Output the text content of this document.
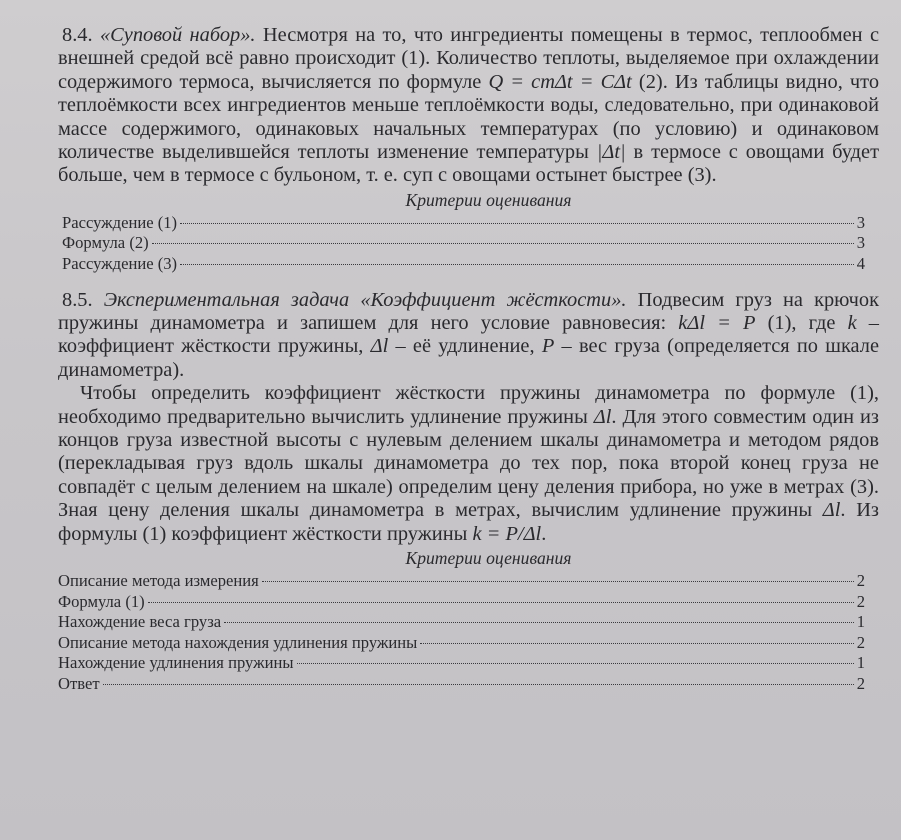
8.4. «Суповой набор». Несмотря на то, что ингредиенты помещены в термос, теплообмен с внешней средой всё равно происходит (1). Количество теплоты, выделяемое при охлаждении содержимого термоса, вычисляется по формуле Q = cmΔt = CΔt (2). Из таблицы видно, что теплоёмкости всех ингредиентов меньше теплоёмкости воды, следовательно, при одинаковой массе содержимого, одинаковых начальных температурах (по условию) и одинаковом количестве выделившейся теплоты изменение температуры |Δt| в термосе с овощами будет больше, чем в термосе с бульоном, т. е. суп с овощами остынет быстрее (3).

Критерии оценивания
Рассуждение (1)	3
Формула (2)	3
Рассуждение (3)	4

8.5. Экспериментальная задача «Коэффициент жёсткости». Подвесим груз на крючок пружины динамометра и запишем для него условие равновесия: kΔl = P (1), где k – коэффициент жёсткости пружины, Δl – её удлинение, P – вес груза (определяется по шкале динамометра).

Чтобы определить коэффициент жёсткости пружины динамометра по формуле (1), необходимо предварительно вычислить удлинение пружины Δl. Для этого совместим один из концов груза известной высоты с нулевым делением шкалы динамометра и методом рядов (перекладывая груз вдоль шкалы динамометра до тех пор, пока второй конец груза не совпадёт с целым делением на шкале) определим цену деления прибора, но уже в метрах (3). Зная цену деления шкалы динамометра в метрах, вычислим удлинение пружины Δl. Из формулы (1) коэффициент жёсткости пружины k = P/Δl.

Критерии оценивания
Описание метода измерения	2
Формула (1)	2
Нахождение веса груза	1
Описание метода нахождения удлинения пружины	2
Нахождение удлинения пружины	1
Ответ	2
